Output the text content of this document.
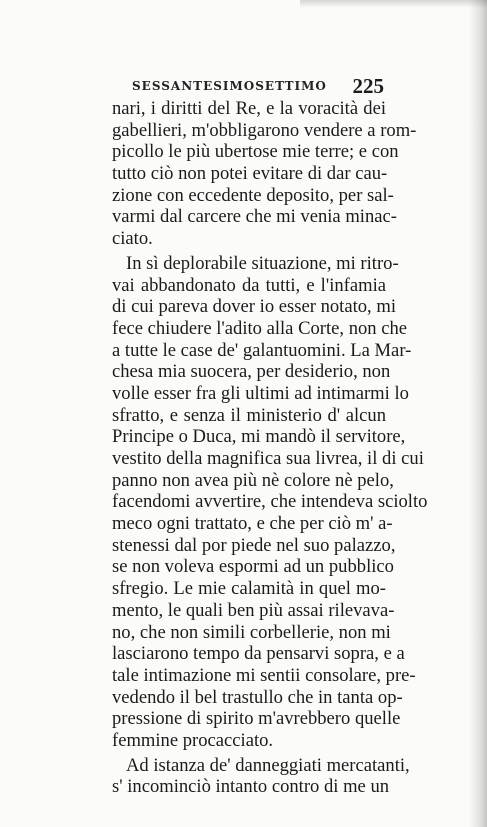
SESSANTESIMOSETTIMO 225
nari, i diritti del Re, e la voracità dei
gabellieri, m'obbligarono vendere a rom-
picollo le più ubertose mie terre; e con
tutto ciò non potei evitare di dar cau-
zione con eccedente deposito, per sal-
varmi dal carcere che mi venia minac-
ciato.
In sì deplorabile situazione, mi ritro-
vai abbandonato da tutti, e l'infamia
di cui pareva dover io esser notato, mi
fece chiudere l'adito alla Corte, non che
a tutte le case de' galantuomini. La Mar-
chesa mia suocera, per desiderio, non
volle esser fra gli ultimi ad intimarmi lo
sfratto, e senza il ministerio d' alcun
Principe o Duca, mi mandò il servitore,
vestito della magnifica sua livrea, il di cui
panno non avea più nè colore nè pelo,
facendomi avvertire, che intendeva sciolto
meco ogni trattato, e che per ciò m' a-
stenessi dal por piede nel suo palazzo,
se non voleva espormi ad un pubblico
sfregio. Le mie calamità in quel mo-
mento, le quali ben più assai rilevava-
no, che non simili corbellerie, non mi
lasciarono tempo da pensarvi sopra, e a
tale intimazione mi sentii consolare, pre-
vedendo il bel trastullo che in tanta op-
pressione di spirito m'avrebbero quelle
femmine procacciato.
Ad istanza de' danneggiati mercatanti,
s' incominciò intanto contro di me un
